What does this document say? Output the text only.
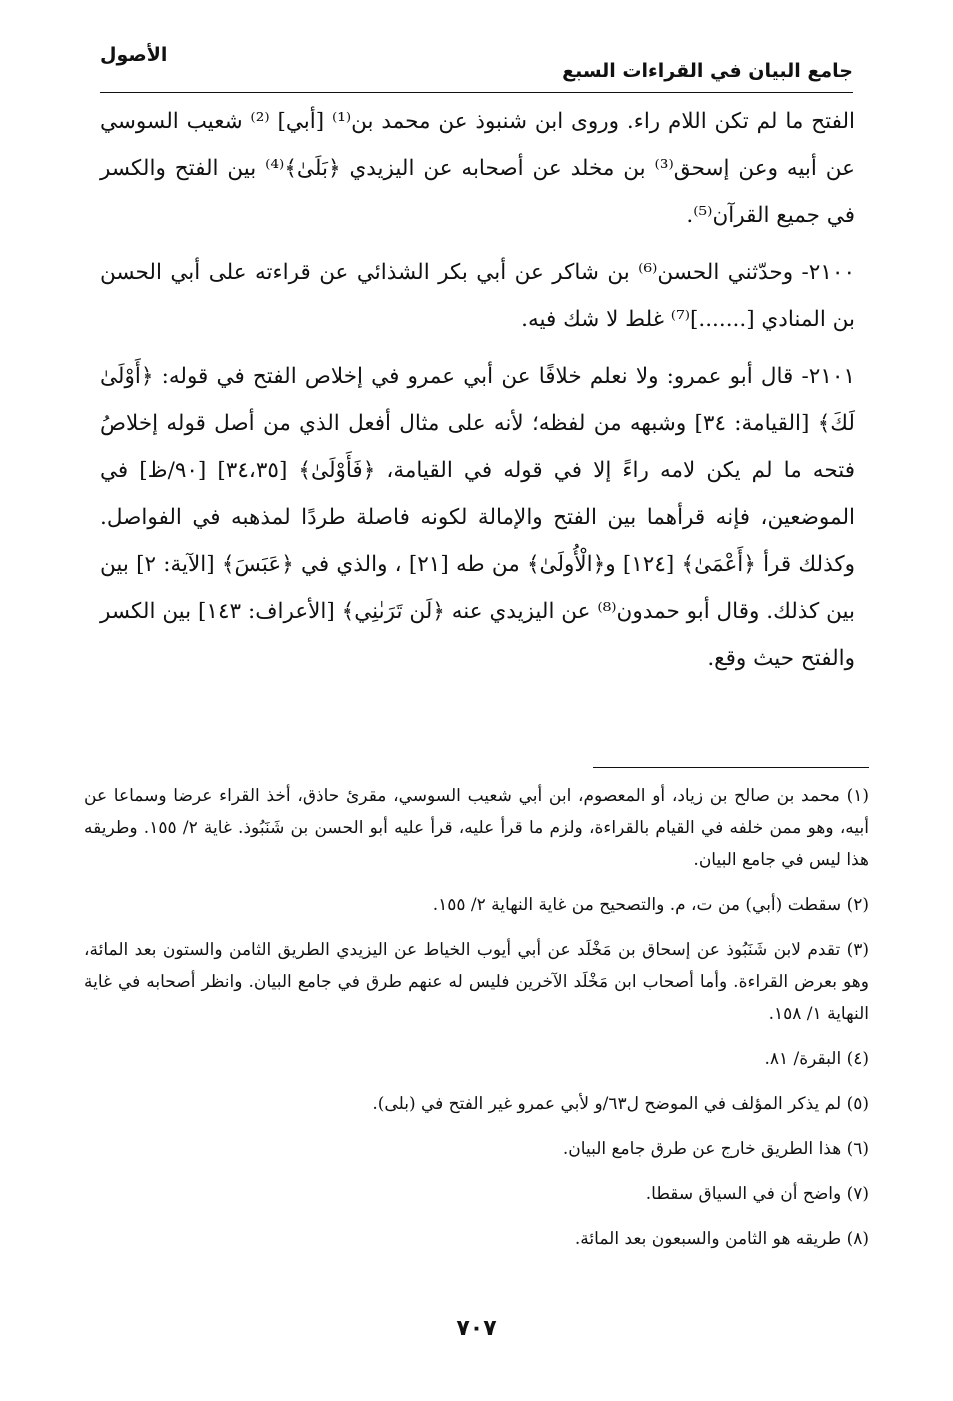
جامع البيان في القراءات السبع
الأصول

الفتح ما لم تكن اللام راء. وروى ابن شنبوذ عن محمد بن⁽¹⁾ [أبي] ⁽²⁾ شعيب السوسي عن أبيه وعن إسحق⁽³⁾ بن مخلد عن أصحابه عن اليزيدي ﴿بَلَىٰ﴾⁽⁴⁾ بين الفتح والكسر في جميع القرآن⁽⁵⁾.

٢١٠٠- وحدّثني الحسن⁽⁶⁾ بن شاكر عن أبي بكر الشذائي عن قراءته على أبي الحسن بن المنادي [.......]⁽⁷⁾ غلط لا شك فيه.

٢١٠١- قال أبو عمرو: ولا نعلم خلافًا عن أبي عمرو في إخلاص الفتح في قوله: ﴿أَوْلَىٰ لَكَ﴾ [القيامة: ٣٤] وشبهه من لفظه؛ لأنه على مثال أفعل الذي من أصل قوله إخلاصُ فتحه ما لم يكن لامه راءً إلا في قوله في القيامة، ﴿فَأَوْلَىٰ﴾ [٣٤،٣٥] [٩٠/ظ] في الموضعين، فإنه قرأهما بين الفتح والإمالة لكونه فاصلة طردًا لمذهبه في الفواصل. وكذلك قرأ ﴿أَعْمَىٰ﴾ [١٢٤] و﴿الْأُولَىٰ﴾ من طه [٢١] ، والذي في ﴿عَبَسَ﴾ [الآية: ٢] بين بين كذلك. وقال أبو حمدون⁽⁸⁾ عن اليزيدي عنه ﴿لَن تَرَىٰنِي﴾ [الأعراف: ١٤٣] بين الكسر والفتح حيث وقع.

(١) محمد بن صالح بن زياد، أو المعصوم، ابن أبي شعيب السوسي، مقرئ حاذق، أخذ القراء عرضا وسماعا عن أبيه، وهو ممن خلفه في القيام بالقراءة، ولزم ما قرأ عليه، قرأ عليه أبو الحسن بن شَنَبُوذ. غاية ٢/ ١٥٥. وطريقه هذا ليس في جامع البيان.

(٢) سقطت (أبي) من ت، م. والتصحيح من غاية النهاية ٢/ ١٥٥.

(٣) تقدم لابن شَنَبُوذ عن إسحاق بن مَخْلَد عن أبي أيوب الخياط عن اليزيدي الطريق الثامن والستون بعد المائة، وهو بعرض القراءة. وأما أصحاب ابن مَخْلَد الآخرين فليس له عنهم طرق في جامع البيان. وانظر أصحابه في غاية النهاية ١/ ١٥٨.

(٤) البقرة/ ٨١.

(٥) لم يذكر المؤلف في الموضح ل٦٣/و لأبي عمرو غير الفتح في (بلى).

(٦) هذا الطريق خارج عن طرق جامع البيان.

(٧) واضح أن في السياق سقطا.

(٨) طريقه هو الثامن والسبعون بعد المائة.

٧٠٧
